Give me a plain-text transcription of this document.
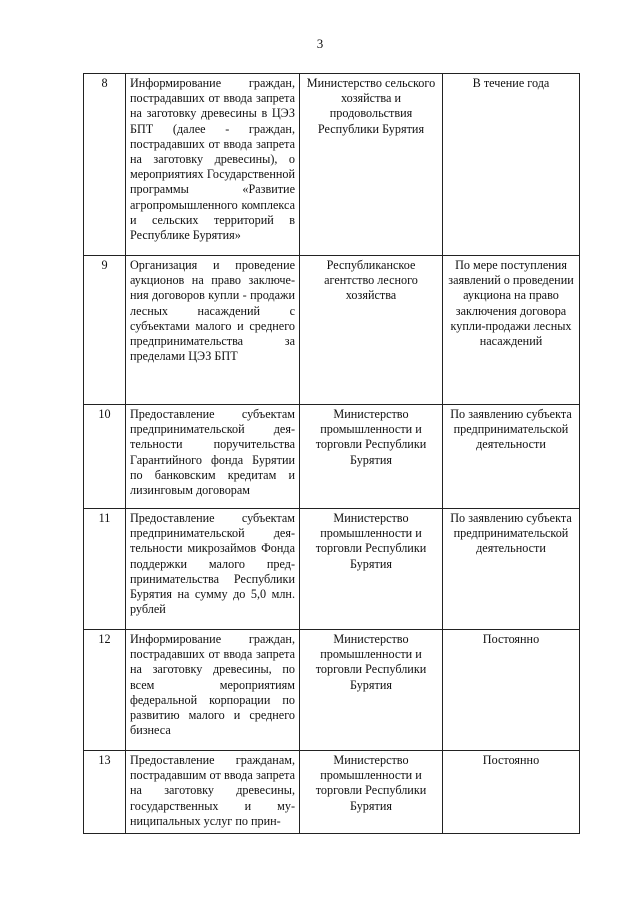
3
8	Информирование граждан, пострадавших от ввода запрета на заготовку древесины в ЦЭЗ БПТ (далее - граждан, пострадавших от ввода запрета на заготовку древесины), о мероприятиях Государственной программы «Развитие агропромышленного комплекса и сельских территорий в Республике Бурятия»	Министерство сельского хозяйства и продовольствия Республики Бурятия	В течение года
9	Организация и проведение аукционов на право заключения договоров купли - продажи лесных насаждений с субъектами малого и среднего предпринимательства за пределами ЦЭЗ БПТ	Республиканское агентство лесного хозяйства	По мере поступления заявлений о проведении аукциона на право заключения договора купли-продажи лесных насаждений
10	Предоставление субъектам предпринимательской деятельности поручительства Гарантийного фонда Бурятии по банковским кредитам и лизинговым договорам	Министерство промышленности и торговли Республики Бурятия	По заявлению субъекта предпринимательской деятельности
11	Предоставление субъектам предпринимательской деятельности микрозаймов Фонда поддержки малого предпринимательства Республики Бурятия на сумму до 5,0 млн. рублей	Министерство промышленности и торговли Республики Бурятия	По заявлению субъекта предпринимательской деятельности
12	Информирование граждан, пострадавших от ввода запрета на заготовку древесины, по всем мероприятиям федеральной корпорации по развитию малого и среднего бизнеса	Министерство промышленности и торговли Республики Бурятия	Постоянно
13	Предоставление гражданам, пострадавшим от ввода запрета на заготовку древесины, государственных и муниципальных услуг по прин-	Министерство промышленности и торговли Республики Бурятия	Постоянно
